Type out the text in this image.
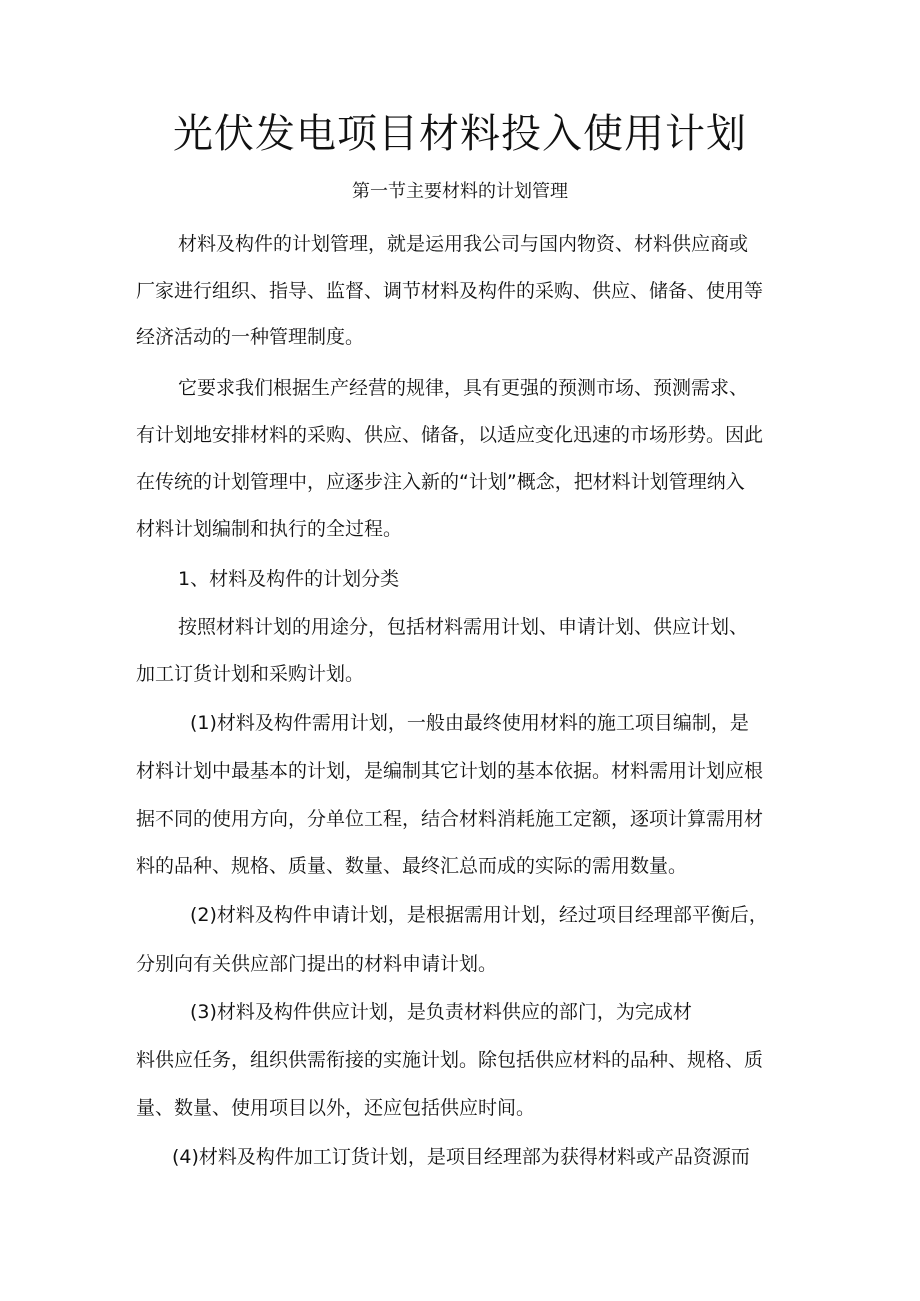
光伏发电项目材料投入使用计划

第一节主要材料的计划管理

材料及构件的计划管理，就是运用我公司与国内物资、材料供应商或

厂家进行组织、指导、监督、调节材料及构件的采购、供应、储备、使用等

经济活动的一种管理制度。

它要求我们根据生产经营的规律，具有更强的预测市场、预测需求、

有计划地安排材料的采购、供应、储备，以适应变化迅速的市场形势。因此

在传统的计划管理中，应逐步注入新的“计划”概念，把材料计划管理纳入

材料计划编制和执行的全过程。

1、材料及构件的计划分类

按照材料计划的用途分，包括材料需用计划、申请计划、供应计划、

加工订货计划和采购计划。

(1)材料及构件需用计划，一般由最终使用材料的施工项目编制，是

材料计划中最基本的计划，是编制其它计划的基本依据。材料需用计划应根

据不同的使用方向，分单位工程，结合材料消耗施工定额，逐项计算需用材

料的品种、规格、质量、数量、最终汇总而成的实际的需用数量。

(2)材料及构件申请计划，是根据需用计划，经过项目经理部平衡后，

分别向有关供应部门提出的材料申请计划。

(3)材料及构件供应计划，是负责材料供应的部门，为完成材

料供应任务，组织供需衔接的实施计划。除包括供应材料的品种、规格、质

量、数量、使用项目以外，还应包括供应时间。

(4)材料及构件加工订货计划，是项目经理部为获得材料或产品资源而
